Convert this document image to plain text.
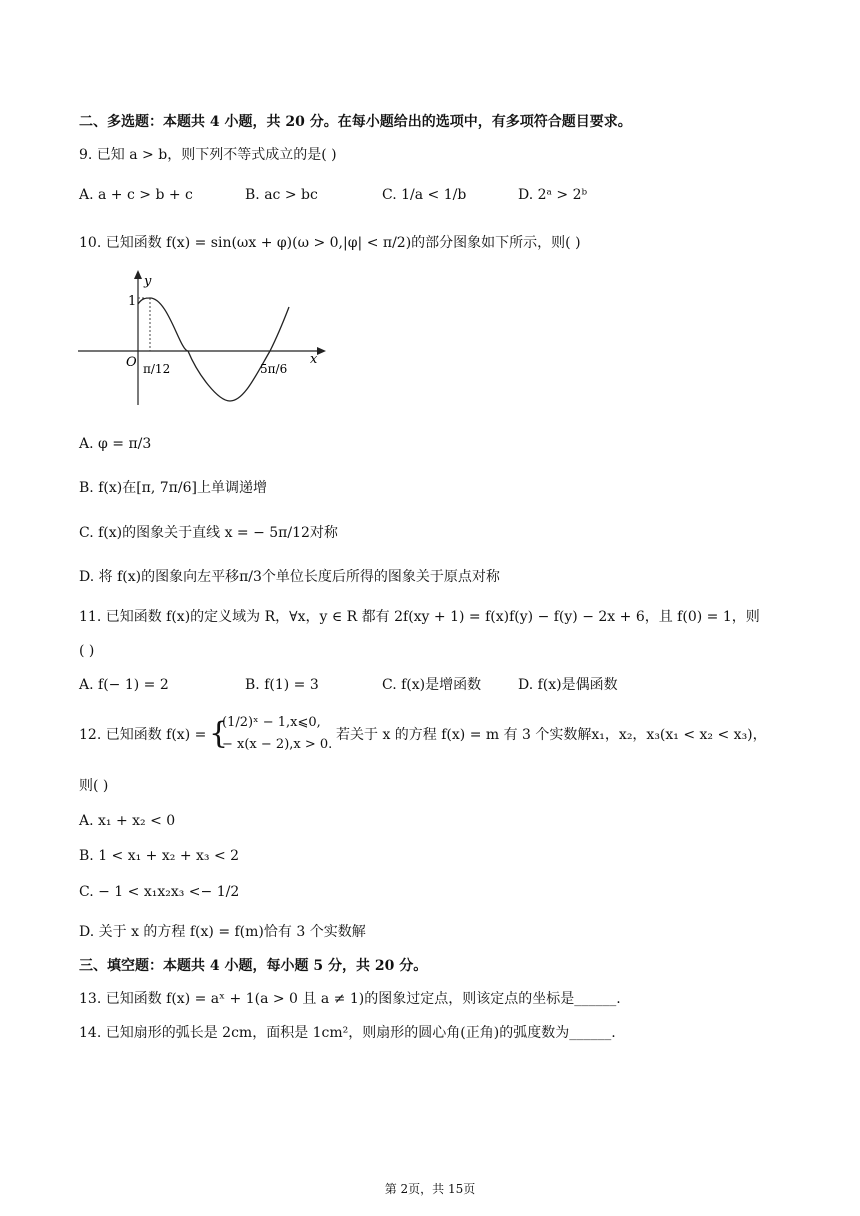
二、多选题：本题共 4 小题，共 20 分。在每小题给出的选项中，有多项符合题目要求。
9. 已知 a > b，则下列不等式成立的是( )
A. a + c > b + c	B. ac > bc	C. 1/a < 1/b	D. 2ᵃ > 2ᵇ
10. 已知函数 f(x) = sin(ωx + φ)(ω > 0,|φ| < π/2)的部分图象如下所示，则( )
y
1
x
O π/12	5π/6
A. φ = π/3
B. f(x)在[π, 7π/6]上单调递增
C. f(x)的图象关于直线 x = − 5π/12对称
D. 将 f(x)的图象向左平移π/3个单位长度后所得的图象关于原点对称
11. 已知函数 f(x)的定义域为 R，∀x，y ∈ R 都有 2f(xy + 1) = f(x)f(y) − f(y) − 2x + 6，且 f(0) = 1，则
( )
A. f(− 1) = 2	B. f(1) = 3	C. f(x)是增函数	D. f(x)是偶函数
12. 已知函数 f(x) = {
(1/2)ˣ − 1,x⩽0,
− x(x − 2),x > 0.
若关于 x 的方程 f(x) = m 有 3 个实数解x₁，x₂，x₃(x₁ < x₂ < x₃)，
则( )
A. x₁ + x₂ < 0
B. 1 < x₁ + x₂ + x₃ < 2
C. − 1 < x₁x₂x₃ <− 1/2
D. 关于 x 的方程 f(x) = f(m)恰有 3 个实数解
三、填空题：本题共 4 小题，每小题 5 分，共 20 分。
13. 已知函数 f(x) = aˣ + 1(a > 0 且 a ≠ 1)的图象过定点，则该定点的坐标是______.
14. 已知扇形的弧长是 2cm，面积是 1cm²，则扇形的圆心角(正角)的弧度数为______.
第 2页，共 15页
